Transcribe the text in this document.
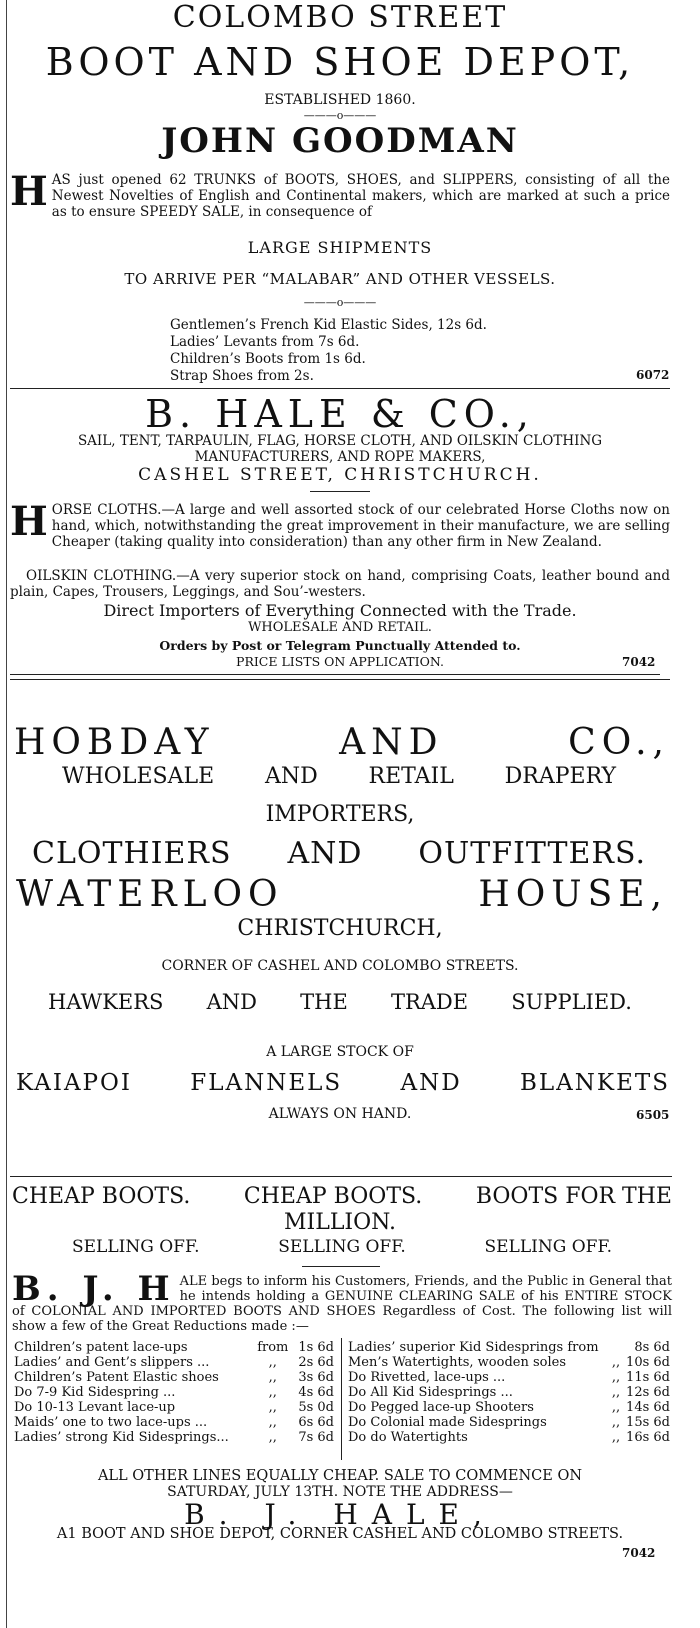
COLOMBO STREET
BOOT AND SHOE DEPOT,
ESTABLISHED 1860.
———o———
JOHN GOODMAN
HAS just opened 62 TRUNKS of BOOTS, SHOES, and SLIPPERS, consisting of all the Newest Novelties of English and Continental makers, which are marked at such a price as to ensure SPEEDY SALE, in consequence of
LARGE SHIPMENTS
TO ARRIVE PER “MALABAR” AND OTHER VESSELS.
———o———
Gentlemen’s French Kid Elastic Sides, 12s 6d.
Ladies’ Levants from 7s 6d.
Children’s Boots from 1s 6d.
Strap Shoes from 2s.	6072
B. HALE & CO.,
SAIL, TENT, TARPAULIN, FLAG, HORSE CLOTH, AND OILSKIN CLOTHING
MANUFACTURERS, AND ROPE MAKERS,
CASHEL STREET, CHRISTCHURCH.
HORSE CLOTHS.—A large and well assorted stock of our celebrated Horse Cloths now on hand, which, notwithstanding the great improvement in their manufacture, we are selling Cheaper (taking quality into consideration) than any other firm in New Zealand.
OILSKIN CLOTHING.—A very superior stock on hand, comprising Coats, leather bound and plain, Capes, Trousers, Leggings, and Sou’-westers.
Direct Importers of Everything Connected with the Trade.
WHOLESALE AND RETAIL.
Orders by Post or Telegram Punctually Attended to.
PRICE LISTS ON APPLICATION.	7042
HOBDAY	AND	CO.,
WHOLESALE AND RETAIL DRAPERY
IMPORTERS,
CLOTHIERS AND OUTFITTERS.
WATERLOO	HOUSE,
CHRISTCHURCH,
CORNER OF CASHEL AND COLOMBO STREETS.
HAWKERS AND THE TRADE SUPPLIED.
A LARGE STOCK OF
KAIAPOI	FLANNELS	AND	BLANKETS
ALWAYS ON HAND.	6505
CHEAP BOOTS. CHEAP BOOTS. BOOTS FOR THE
MILLION.
SELLING OFF.	SELLING OFF.	SELLING OFF.
B. J. H ALE begs to inform his Customers, Friends, and the Public in General that he intends holding a GENUINE CLEARING SALE of his ENTIRE STOCK of COLONIAL AND IMPORTED BOOTS AND SHOES Regardless of Cost. The following list will show a few of the Great Reductions made :—
Children’s patent lace-ups	from	1s 6d
Ladies’ and Gent’s slippers ...	,,	2s 6d
Children’s Patent Elastic shoes	,,	3s 6d
Do 7-9 Kid Sidespring ...	,,	4s 6d
Do 10-13 Levant lace-up	,,	5s 0d
Maids’ one to two lace-ups ...	,,	6s 6d
Ladies’ strong Kid Sidesprings...	,,	7s 6d
Ladies’ superior Kid Sidesprings from		8s 6d
Men’s Watertights, wooden soles	,,	10s 6d
Do Rivetted, lace-ups ...	,,	11s 6d
Do All Kid Sidesprings ...	,,	12s 6d
Do Pegged lace-up Shooters	,,	14s 6d
Do Colonial made Sidesprings	,,	15s 6d
Do do Watertights	,,	16s 6d
ALL OTHER LINES EQUALLY CHEAP. SALE TO COMMENCE ON
SATURDAY, JULY 13TH. NOTE THE ADDRESS—
B. J. HALE,
A1 BOOT AND SHOE DEPOT, CORNER CASHEL AND COLOMBO STREETS.
7042
